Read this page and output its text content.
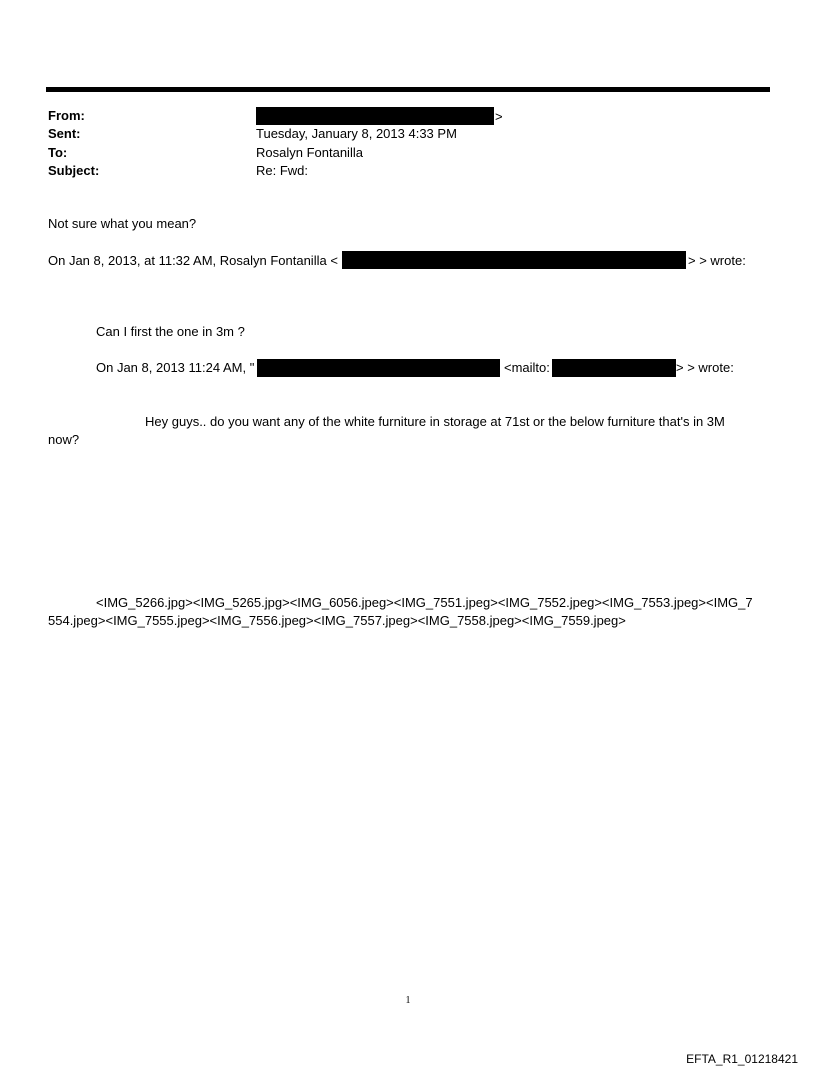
From:	>
Sent:	Tuesday, January 8, 2013 4:33 PM
To:	Rosalyn Fontanilla
Subject:	Re: Fwd:
Not sure what you mean?
On Jan 8, 2013, at 11:32 AM, Rosalyn Fontanilla <	> > wrote:
Can I first the one in 3m ?
On Jan 8, 2013 11:24 AM, "	<mailto:	> > wrote:
Hey guys.. do you want any of the white furniture in storage at 71st or the below furniture that's in 3M
now?
<IMG_5266.jpg><IMG_5265.jpg><IMG_6056.jpeg><IMG_7551.jpeg><IMG_7552.jpeg><IMG_7553.jpeg><IMG_7
554.jpeg><IMG_7555.jpeg><IMG_7556.jpeg><IMG_7557.jpeg><IMG_7558.jpeg><IMG_7559.jpeg>
1
EFTA_R1_01218421
